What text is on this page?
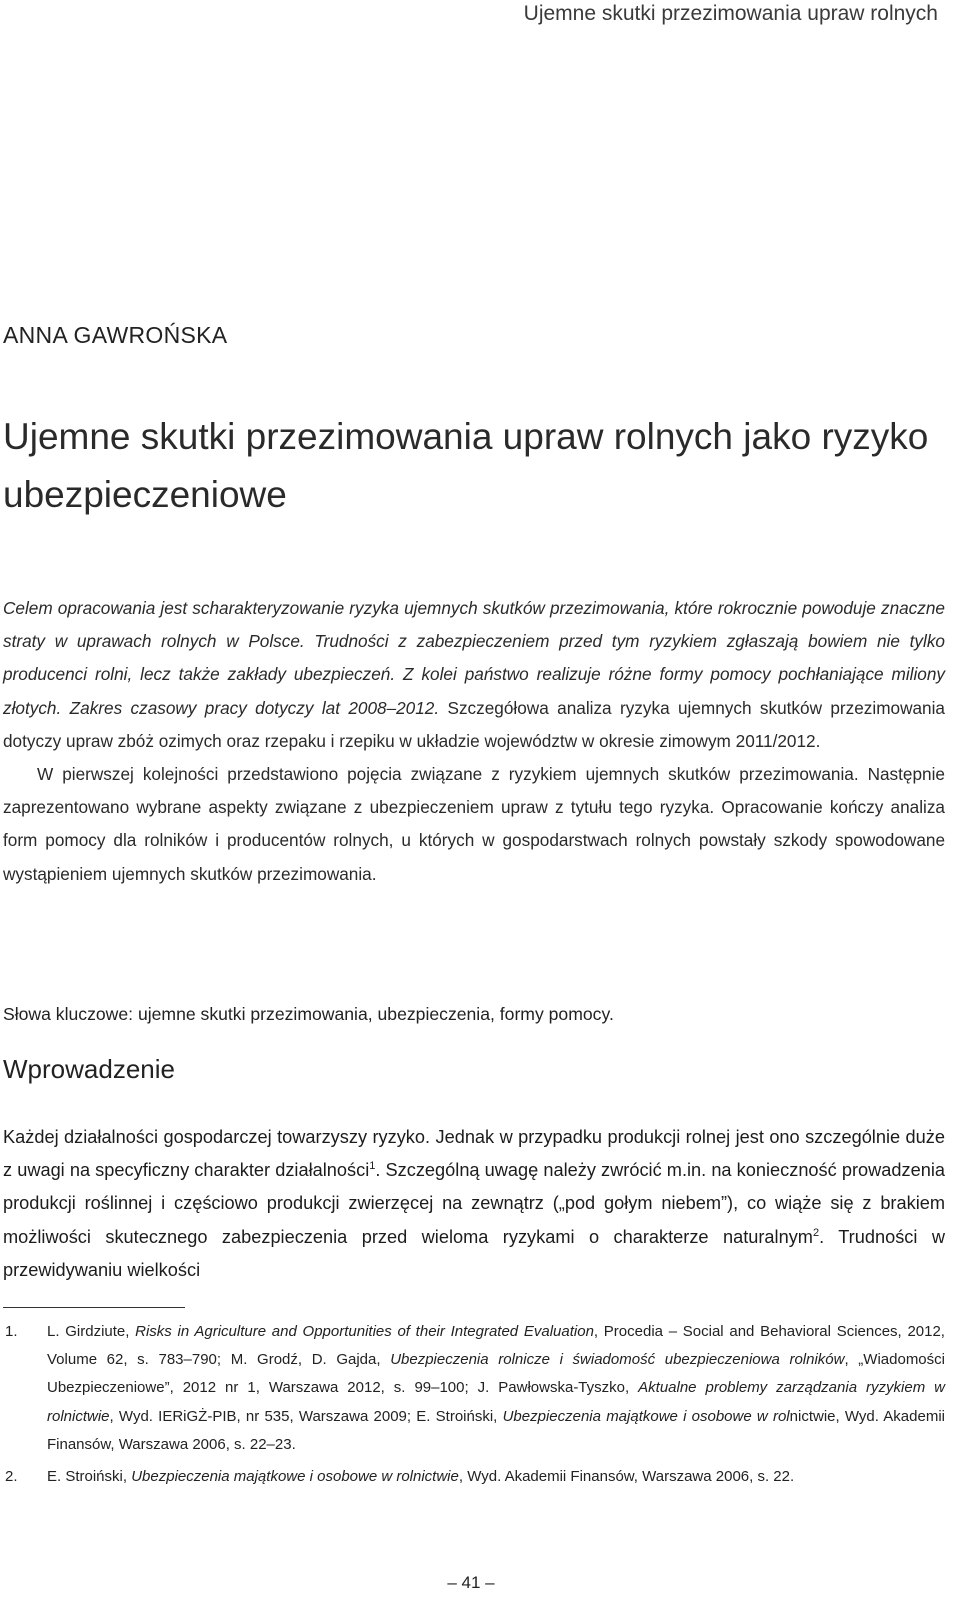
Ujemne skutki przezimowania upraw rolnych
ANNA GAWROŃSKA
Ujemne skutki przezimowania upraw rolnych jako ryzyko ubezpieczeniowe

Celem opracowania jest scharakteryzowanie ryzyka ujemnych skutków przezimowania, które rokrocznie powoduje znaczne straty w uprawach rolnych w Polsce. Trudności z zabezpieczeniem przed tym ryzykiem zgłaszają bowiem nie tylko producenci rolni, lecz także zakłady ubezpieczeń. Z kolei państwo realizuje różne formy pomocy pochłaniające miliony złotych. Zakres czasowy pracy dotyczy lat 2008–2012. Szczegółowa analiza ryzyka ujemnych skutków przezimowania dotyczy upraw zbóż ozimych oraz rzepaku i rzepiku w układzie województw w okresie zimowym 2011/2012.

W pierwszej kolejności przedstawiono pojęcia związane z ryzykiem ujemnych skutków przezimowania. Następnie zaprezentowano wybrane aspekty związane z ubezpieczeniem upraw z tytułu tego ryzyka. Opracowanie kończy analiza form pomocy dla rolników i producentów rolnych, u których w gospodarstwach rolnych powstały szkody spowodowane wystąpieniem ujemnych skutków przezimowania.

Słowa kluczowe: ujemne skutki przezimowania, ubezpieczenia, formy pomocy.
Wprowadzenie

Każdej działalności gospodarczej towarzyszy ryzyko. Jednak w przypadku produkcji rolnej jest ono szczególnie duże z uwagi na specyficzny charakter działalności$^1$. Szczególną uwagę należy zwrócić m.in. na konieczność prowadzenia produkcji roślinnej i częściowo produkcji zwierzęcej na zewnątrz („pod gołym niebem”), co wiąże się z brakiem możliwości skutecznego zabezpieczenia przed wieloma ryzykami o charakterze naturalnym$^2$. Trudności w przewidywaniu wielkości

1. L. Girdziute, Risks in Agriculture and Opportunities of their Integrated Evaluation, Procedia – Social and Behavioral Sciences, 2012, Volume 62, s. 783–790; M. Grodź, D. Gajda, Ubezpieczenia rolnicze i świadomość ubezpieczeniowa rolników, „Wiadomości Ubezpieczeniowe”, 2012 nr 1, Warszawa 2012, s. 99–100; J. Pawłowska-Tyszko, Aktualne problemy zarządzania ryzykiem w rolnictwie, Wyd. IERiGŻ-PIB, nr 535, Warszawa 2009; E. Stroiński, Ubezpieczenia majątkowe i osobowe w rolnictwie, Wyd. Akademii Finansów, Warszawa 2006, s. 22–23.
2. E. Stroiński, Ubezpieczenia majątkowe i osobowe w rolnictwie, Wyd. Akademii Finansów, Warszawa 2006, s. 22.
– 41 –
